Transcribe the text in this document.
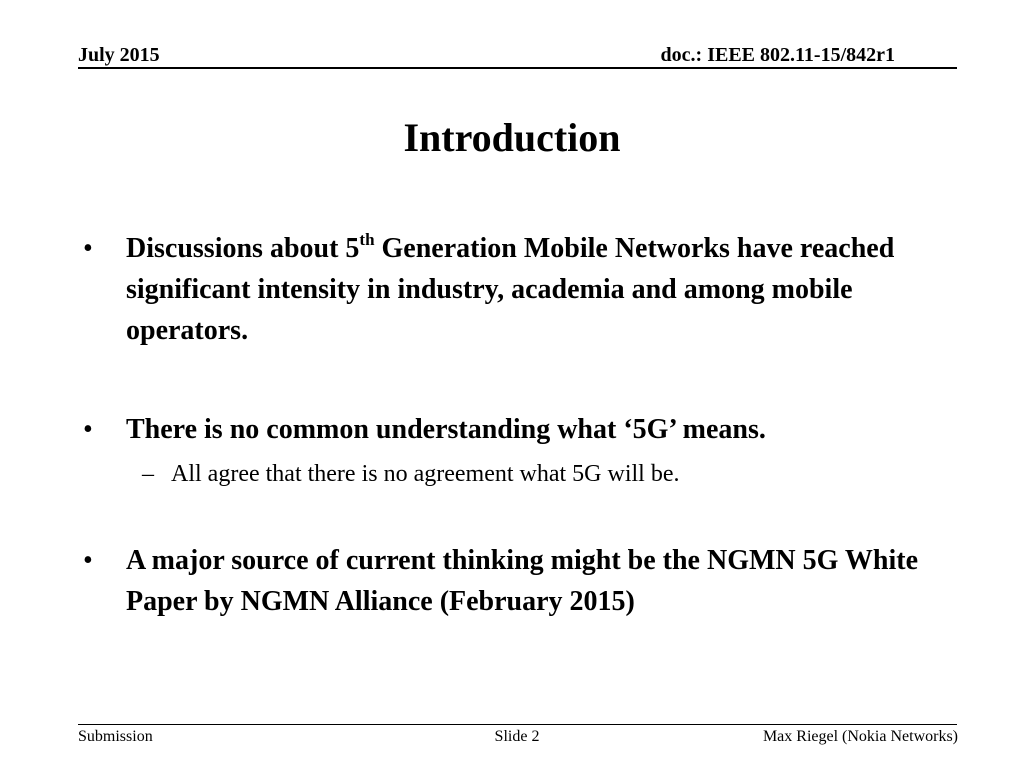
July 2015	doc.: IEEE 802.11-15/842r1
Introduction
• Discussions about 5th Generation Mobile Networks have reached significant intensity in industry, academia and among mobile operators.
• There is no common understanding what ‘5G’ means.
– All agree that there is no agreement what 5G will be.
• A major source of current thinking might be the NGMN 5G White Paper by NGMN Alliance (February 2015)
Submission	Slide 2	Max Riegel (Nokia Networks)
